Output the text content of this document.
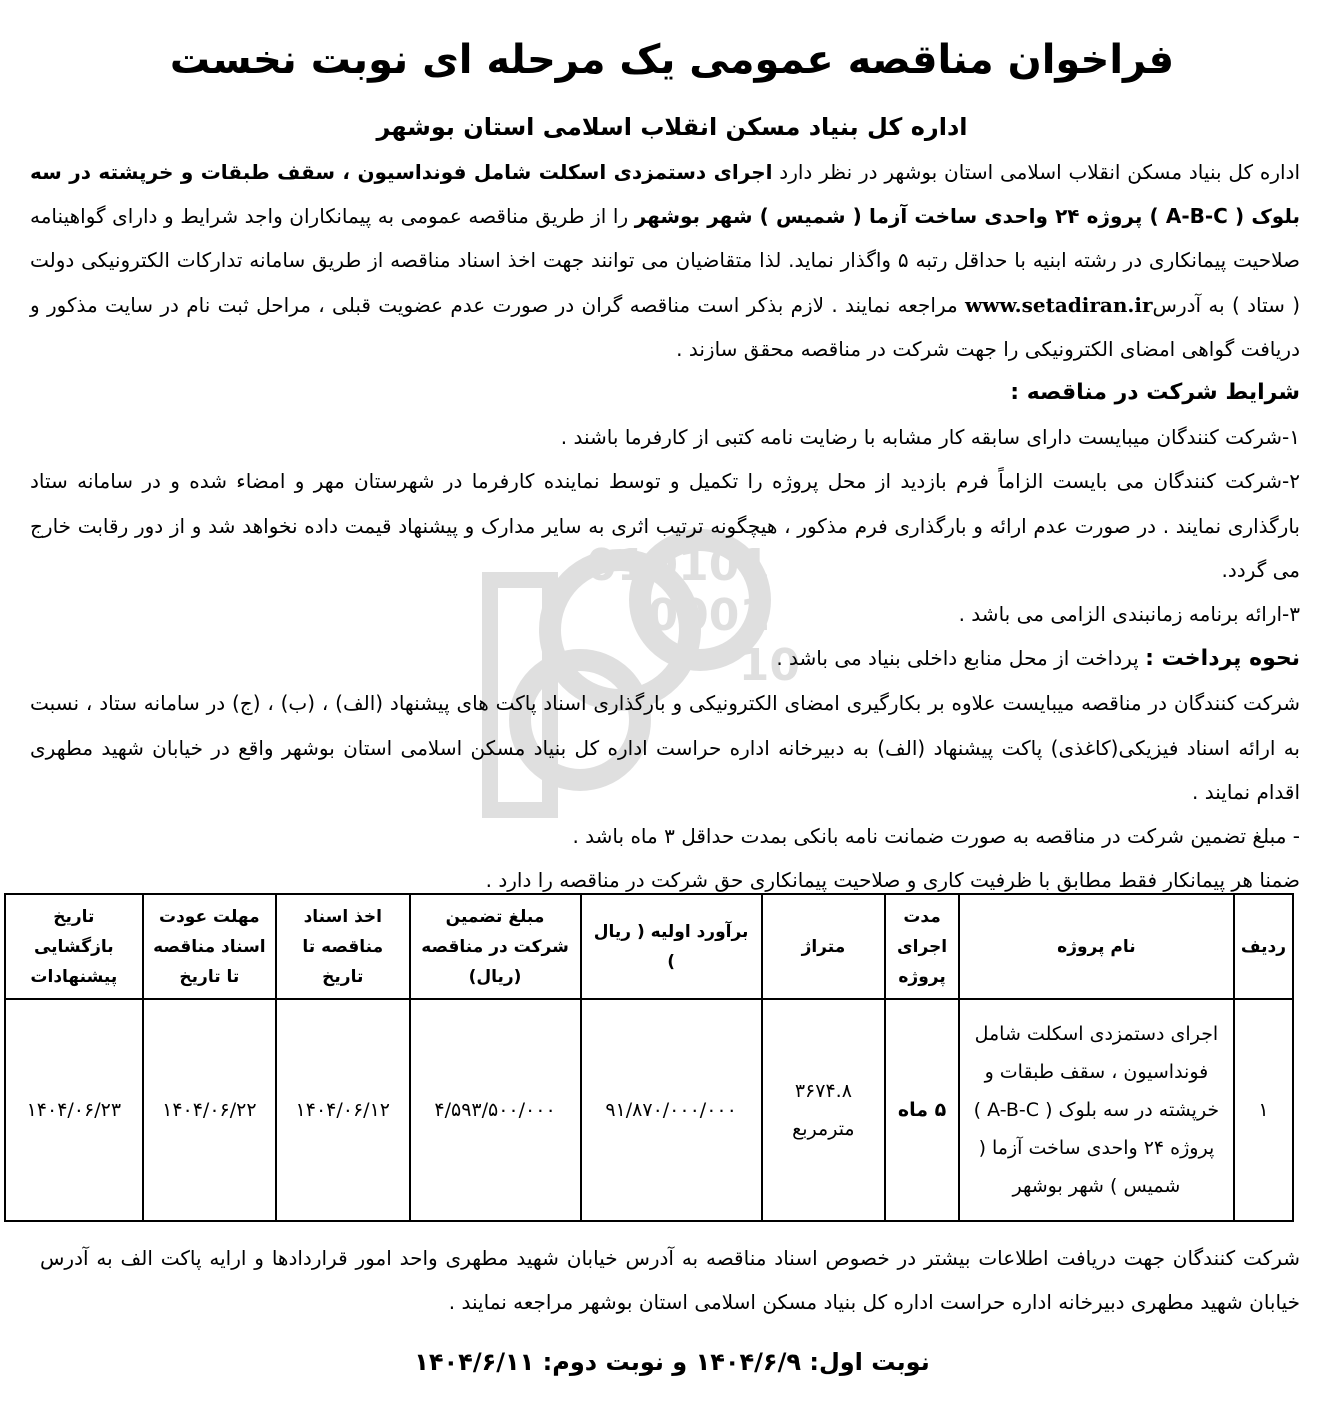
010101
0001
10
فراخوان مناقصه عمومی یک مرحله ای نوبت نخست
اداره کل بنیاد مسکن انقلاب اسلامی استان بوشهر

اداره کل بنیاد مسکن انقلاب اسلامی استان بوشهر در نظر دارد اجرای دستمزدی اسکلت شامل فونداسیون ، سقف طبقات و خرپشته در سه بلوک ( A-B-C ) پروژه ۲۴ واحدی ساخت آزما ( شمیس ) شهر بوشهر را از طریق مناقصه عمومی به پیمانکاران واجد شرایط و دارای گواهینامه صلاحیت پیمانکاری در رشته ابنیه با حداقل رتبه ۵ واگذار نماید. لذا متقاضیان می توانند جهت اخذ اسناد مناقصه از طریق سامانه تدارکات الکترونیکی دولت ( ستاد ) به آدرسwww.setadiran.ir مراجعه نمایند . لازم بذکر است مناقصه گران در صورت عدم عضویت قبلی ، مراحل ثبت نام در سایت مذکور و دریافت گواهی امضای الکترونیکی را جهت شرکت در مناقصه محقق سازند .

شرایط شرکت در مناقصه :

۱-شرکت کنندگان میبایست دارای سابقه کار مشابه با رضایت نامه کتبی از کارفرما باشند .

۲-شرکت کنندگان می بایست الزاماً فرم بازدید از محل پروژه را تکمیل و توسط نماینده کارفرما در شهرستان مهر و امضاء شده و در سامانه ستاد بارگذاری نمایند . در صورت عدم ارائه و بارگذاری فرم مذکور ، هیچگونه ترتیب اثری به سایر مدارک و پیشنهاد قیمت داده نخواهد شد و از دور رقابت خارج می گردد.

۳-ارائه برنامه زمانبندی الزامی می باشد .

نحوه پرداخت : پرداخت از محل منابع داخلی بنیاد می باشد .

شرکت کنندگان در مناقصه میبایست علاوه بر بکارگیری امضای الکترونیکی و بارگذاری اسناد پاکت های پیشنهاد (الف) ، (ب) ، (ج) در سامانه ستاد ، نسبت به ارائه اسناد فیزیکی(کاغذی) پاکت پیشنهاد (الف) به دبیرخانه اداره حراست اداره کل بنیاد مسکن اسلامی استان بوشهر واقع در خیابان شهید مطهری اقدام نمایند .

- مبلغ تضمین شرکت در مناقصه به صورت ضمانت نامه بانکی بمدت حداقل ۳ ماه باشد .

ضمنا هر پیمانکار فقط مطابق با ظرفیت کاری و صلاحیت پیمانکاری حق شرکت در مناقصه را دارد .

ردیف	نام پروژه	مدت اجرای پروژه	متراژ	برآورد اولیه ( ریال )	مبلغ تضمین شرکت در مناقصه (ریال)	اخذ اسناد مناقصه تا تاریخ	مهلت عودت اسناد مناقصه تا تاریخ	تاریخ بازگشایی پیشنهادات
۱	اجرای دستمزدی اسکلت شامل فونداسیون ، سقف طبقات و خرپشته در سه بلوک ( A-B-C ) پروژه ۲۴ واحدی ساخت آزما ( شمیس ) شهر بوشهر	۵ ماه	۳۶۷۴.۸
مترمربع	۹۱/۸۷۰/۰۰۰/۰۰۰	۴/۵۹۳/۵۰۰/۰۰۰	۱۴۰۴/۰۶/۱۲	۱۴۰۴/۰۶/۲۲	۱۴۰۴/۰۶/۲۳

شرکت کنندگان جهت دریافت اطلاعات بیشتر در خصوص اسناد مناقصه به آدرس خیابان شهید مطهری واحد امور قراردادها و ارایه پاکت الف به آدرس خیابان شهید مطهری دبیرخانه اداره حراست اداره کل بنیاد مسکن اسلامی استان بوشهر مراجعه نمایند .

نوبت اول: ۱۴۰۴/۶/۹ و نوبت دوم: ۱۴۰۴/۶/۱۱
